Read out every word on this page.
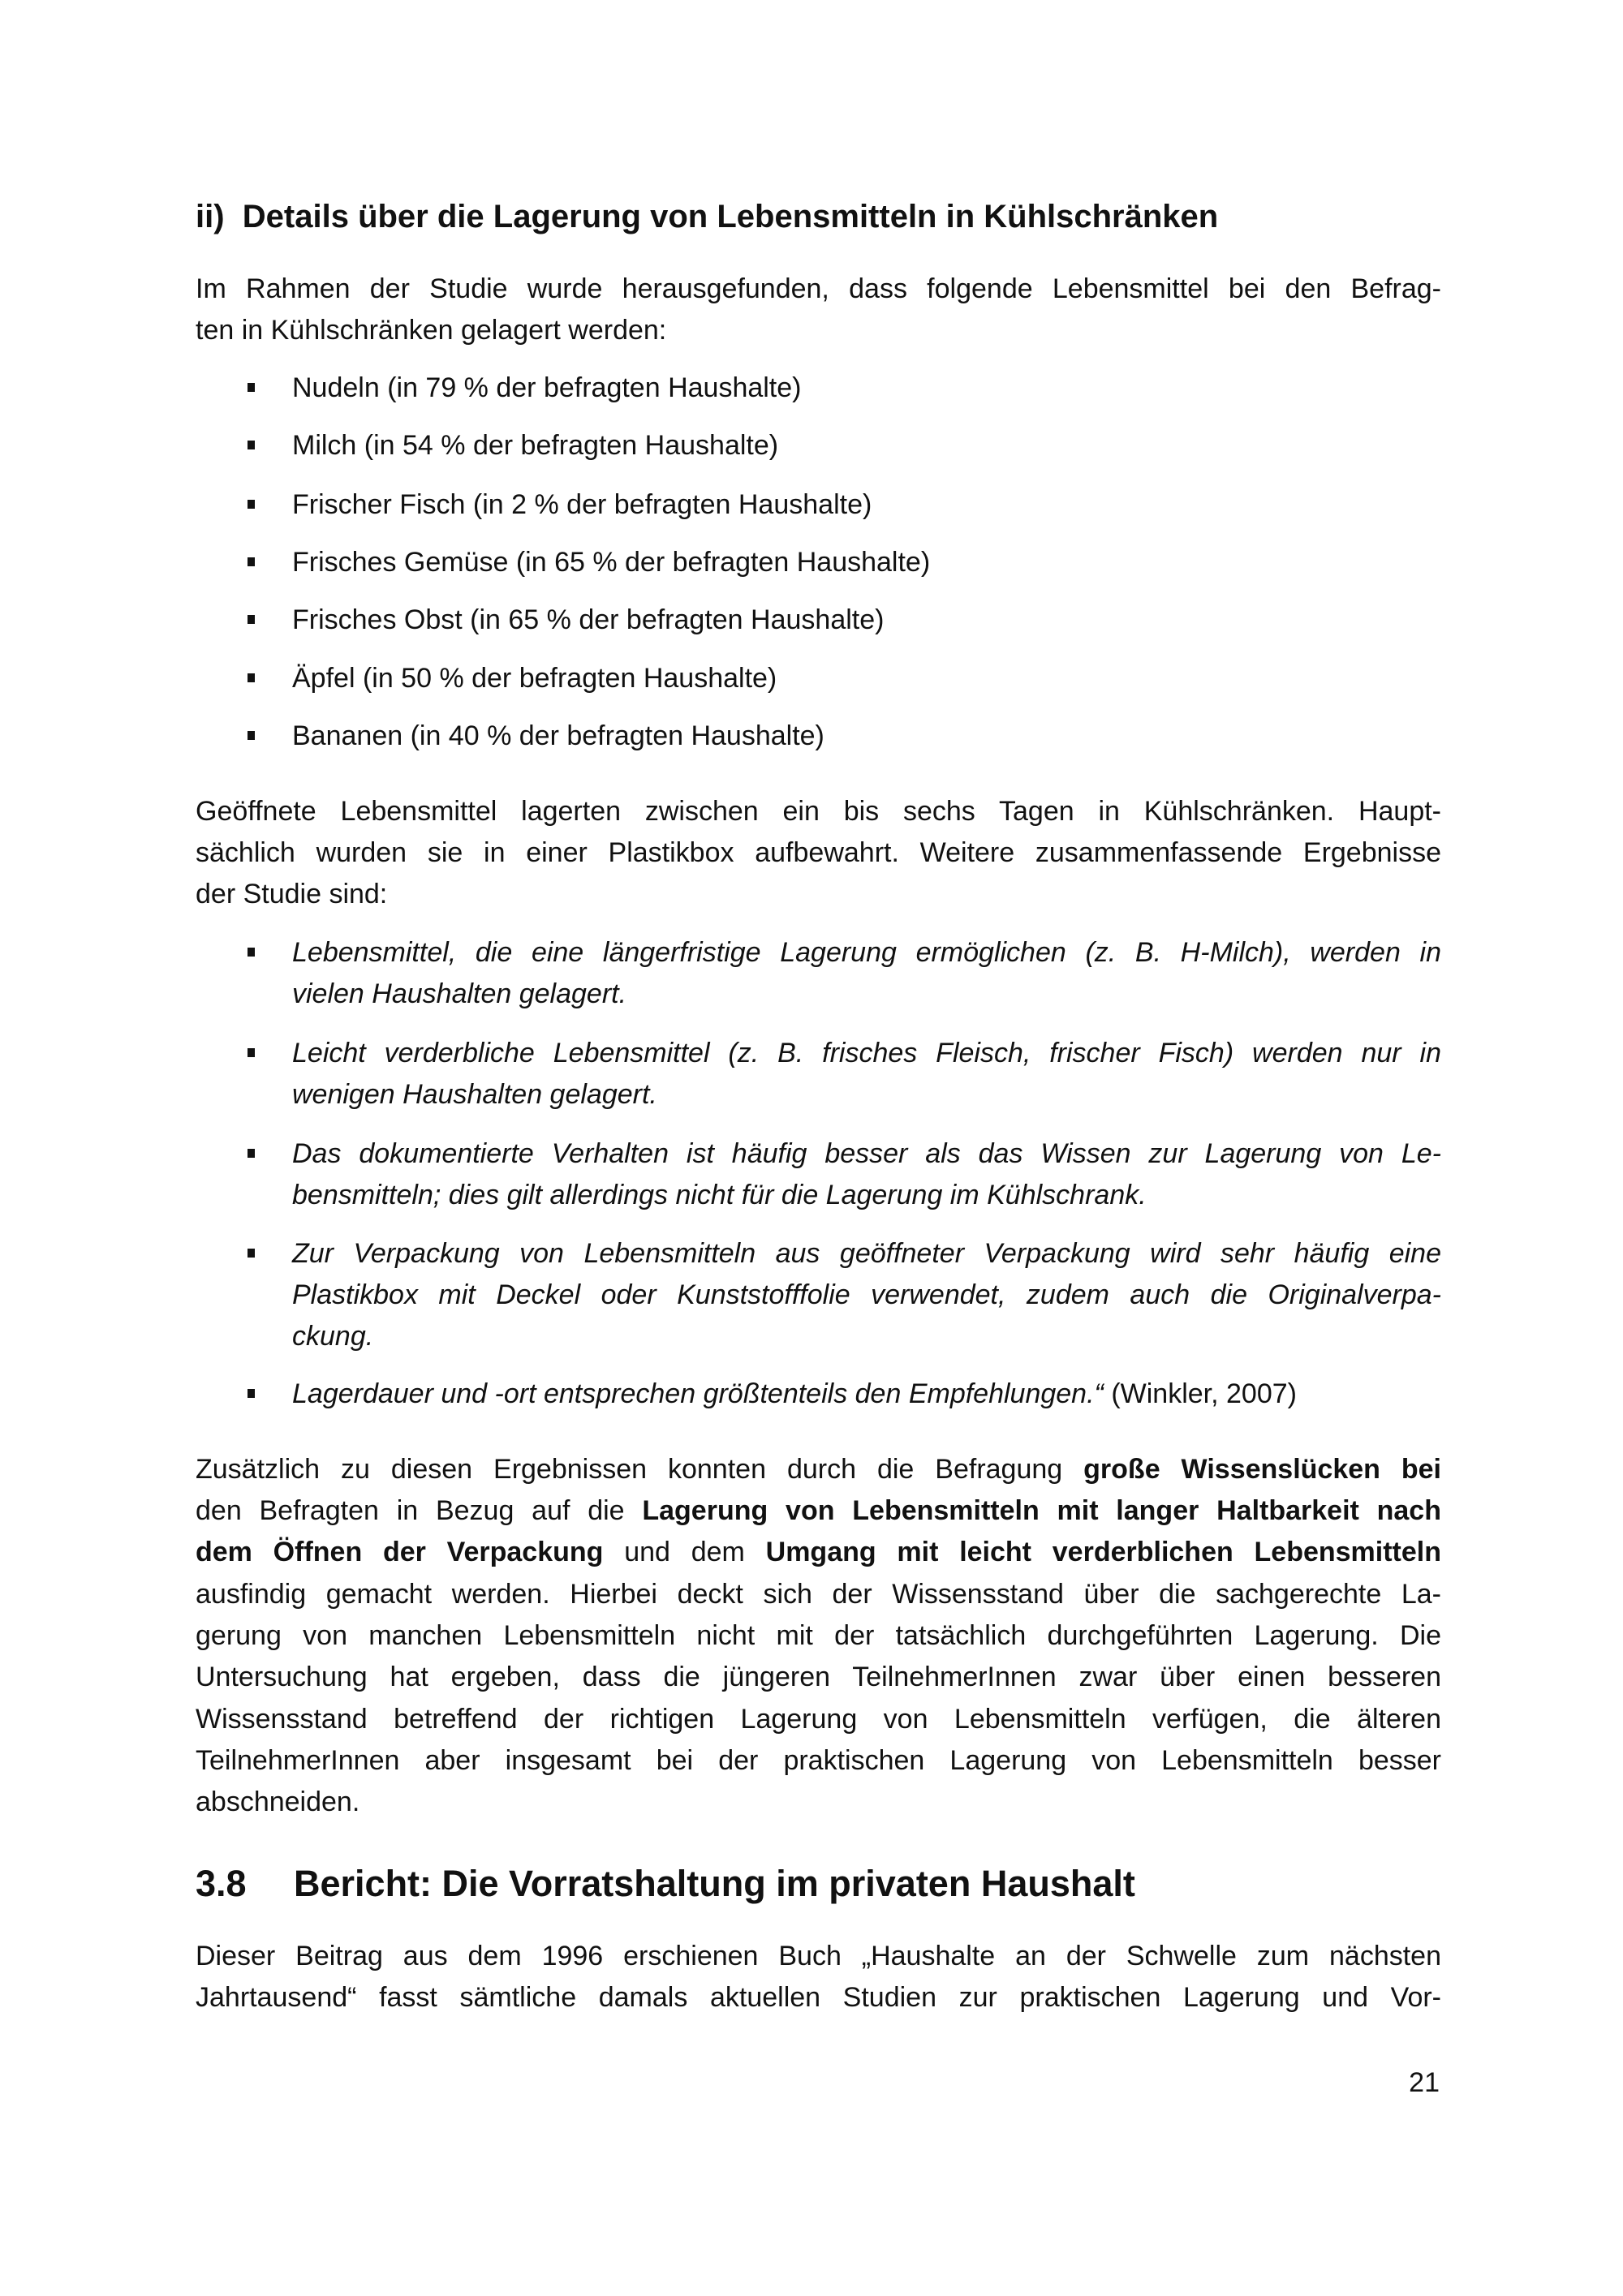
ii) Details über die Lagerung von Lebensmitteln in Kühlschränken
Im Rahmen der Studie wurde herausgefunden, dass folgende Lebensmittel bei den Befrag-
ten in Kühlschränken gelagert werden:
Nudeln (in 79 % der befragten Haushalte)
Milch (in 54 % der befragten Haushalte)
Frischer Fisch (in 2 % der befragten Haushalte)
Frisches Gemüse (in 65 % der befragten Haushalte)
Frisches Obst (in 65 % der befragten Haushalte)
Äpfel (in 50 % der befragten Haushalte)
Bananen (in 40 % der befragten Haushalte)
Geöffnete Lebensmittel lagerten zwischen ein bis sechs Tagen in Kühlschränken. Haupt-
sächlich wurden sie in einer Plastikbox aufbewahrt. Weitere zusammenfassende Ergebnisse
der Studie sind:
Lebensmittel, die eine längerfristige Lagerung ermöglichen (z. B. H-Milch), werden in
vielen Haushalten gelagert.
Leicht verderbliche Lebensmittel (z. B. frisches Fleisch, frischer Fisch) werden nur in
wenigen Haushalten gelagert.
Das dokumentierte Verhalten ist häufig besser als das Wissen zur Lagerung von Le-
bensmitteln; dies gilt allerdings nicht für die Lagerung im Kühlschrank.
Zur Verpackung von Lebensmitteln aus geöffneter Verpackung wird sehr häufig eine
Plastikbox mit Deckel oder Kunststofffolie verwendet, zudem auch die Originalverpa-
ckung.
Lagerdauer und -ort entsprechen größtenteils den Empfehlungen.“ (Winkler, 2007)
Zusätzlich zu diesen Ergebnissen konnten durch die Befragung große Wissenslücken bei
den Befragten in Bezug auf die Lagerung von Lebensmitteln mit langer Haltbarkeit nach
dem Öffnen der Verpackung und dem Umgang mit leicht verderblichen Lebensmitteln
ausfindig gemacht werden. Hierbei deckt sich der Wissensstand über die sachgerechte La-
gerung von manchen Lebensmitteln nicht mit der tatsächlich durchgeführten Lagerung. Die
Untersuchung hat ergeben, dass die jüngeren TeilnehmerInnen zwar über einen besseren
Wissensstand betreffend der richtigen Lagerung von Lebensmitteln verfügen, die älteren
TeilnehmerInnen aber insgesamt bei der praktischen Lagerung von Lebensmitteln besser
abschneiden.
3.8 Bericht: Die Vorratshaltung im privaten Haushalt
Dieser Beitrag aus dem 1996 erschienen Buch „Haushalte an der Schwelle zum nächsten
Jahrtausend“ fasst sämtliche damals aktuellen Studien zur praktischen Lagerung und Vor-
21
